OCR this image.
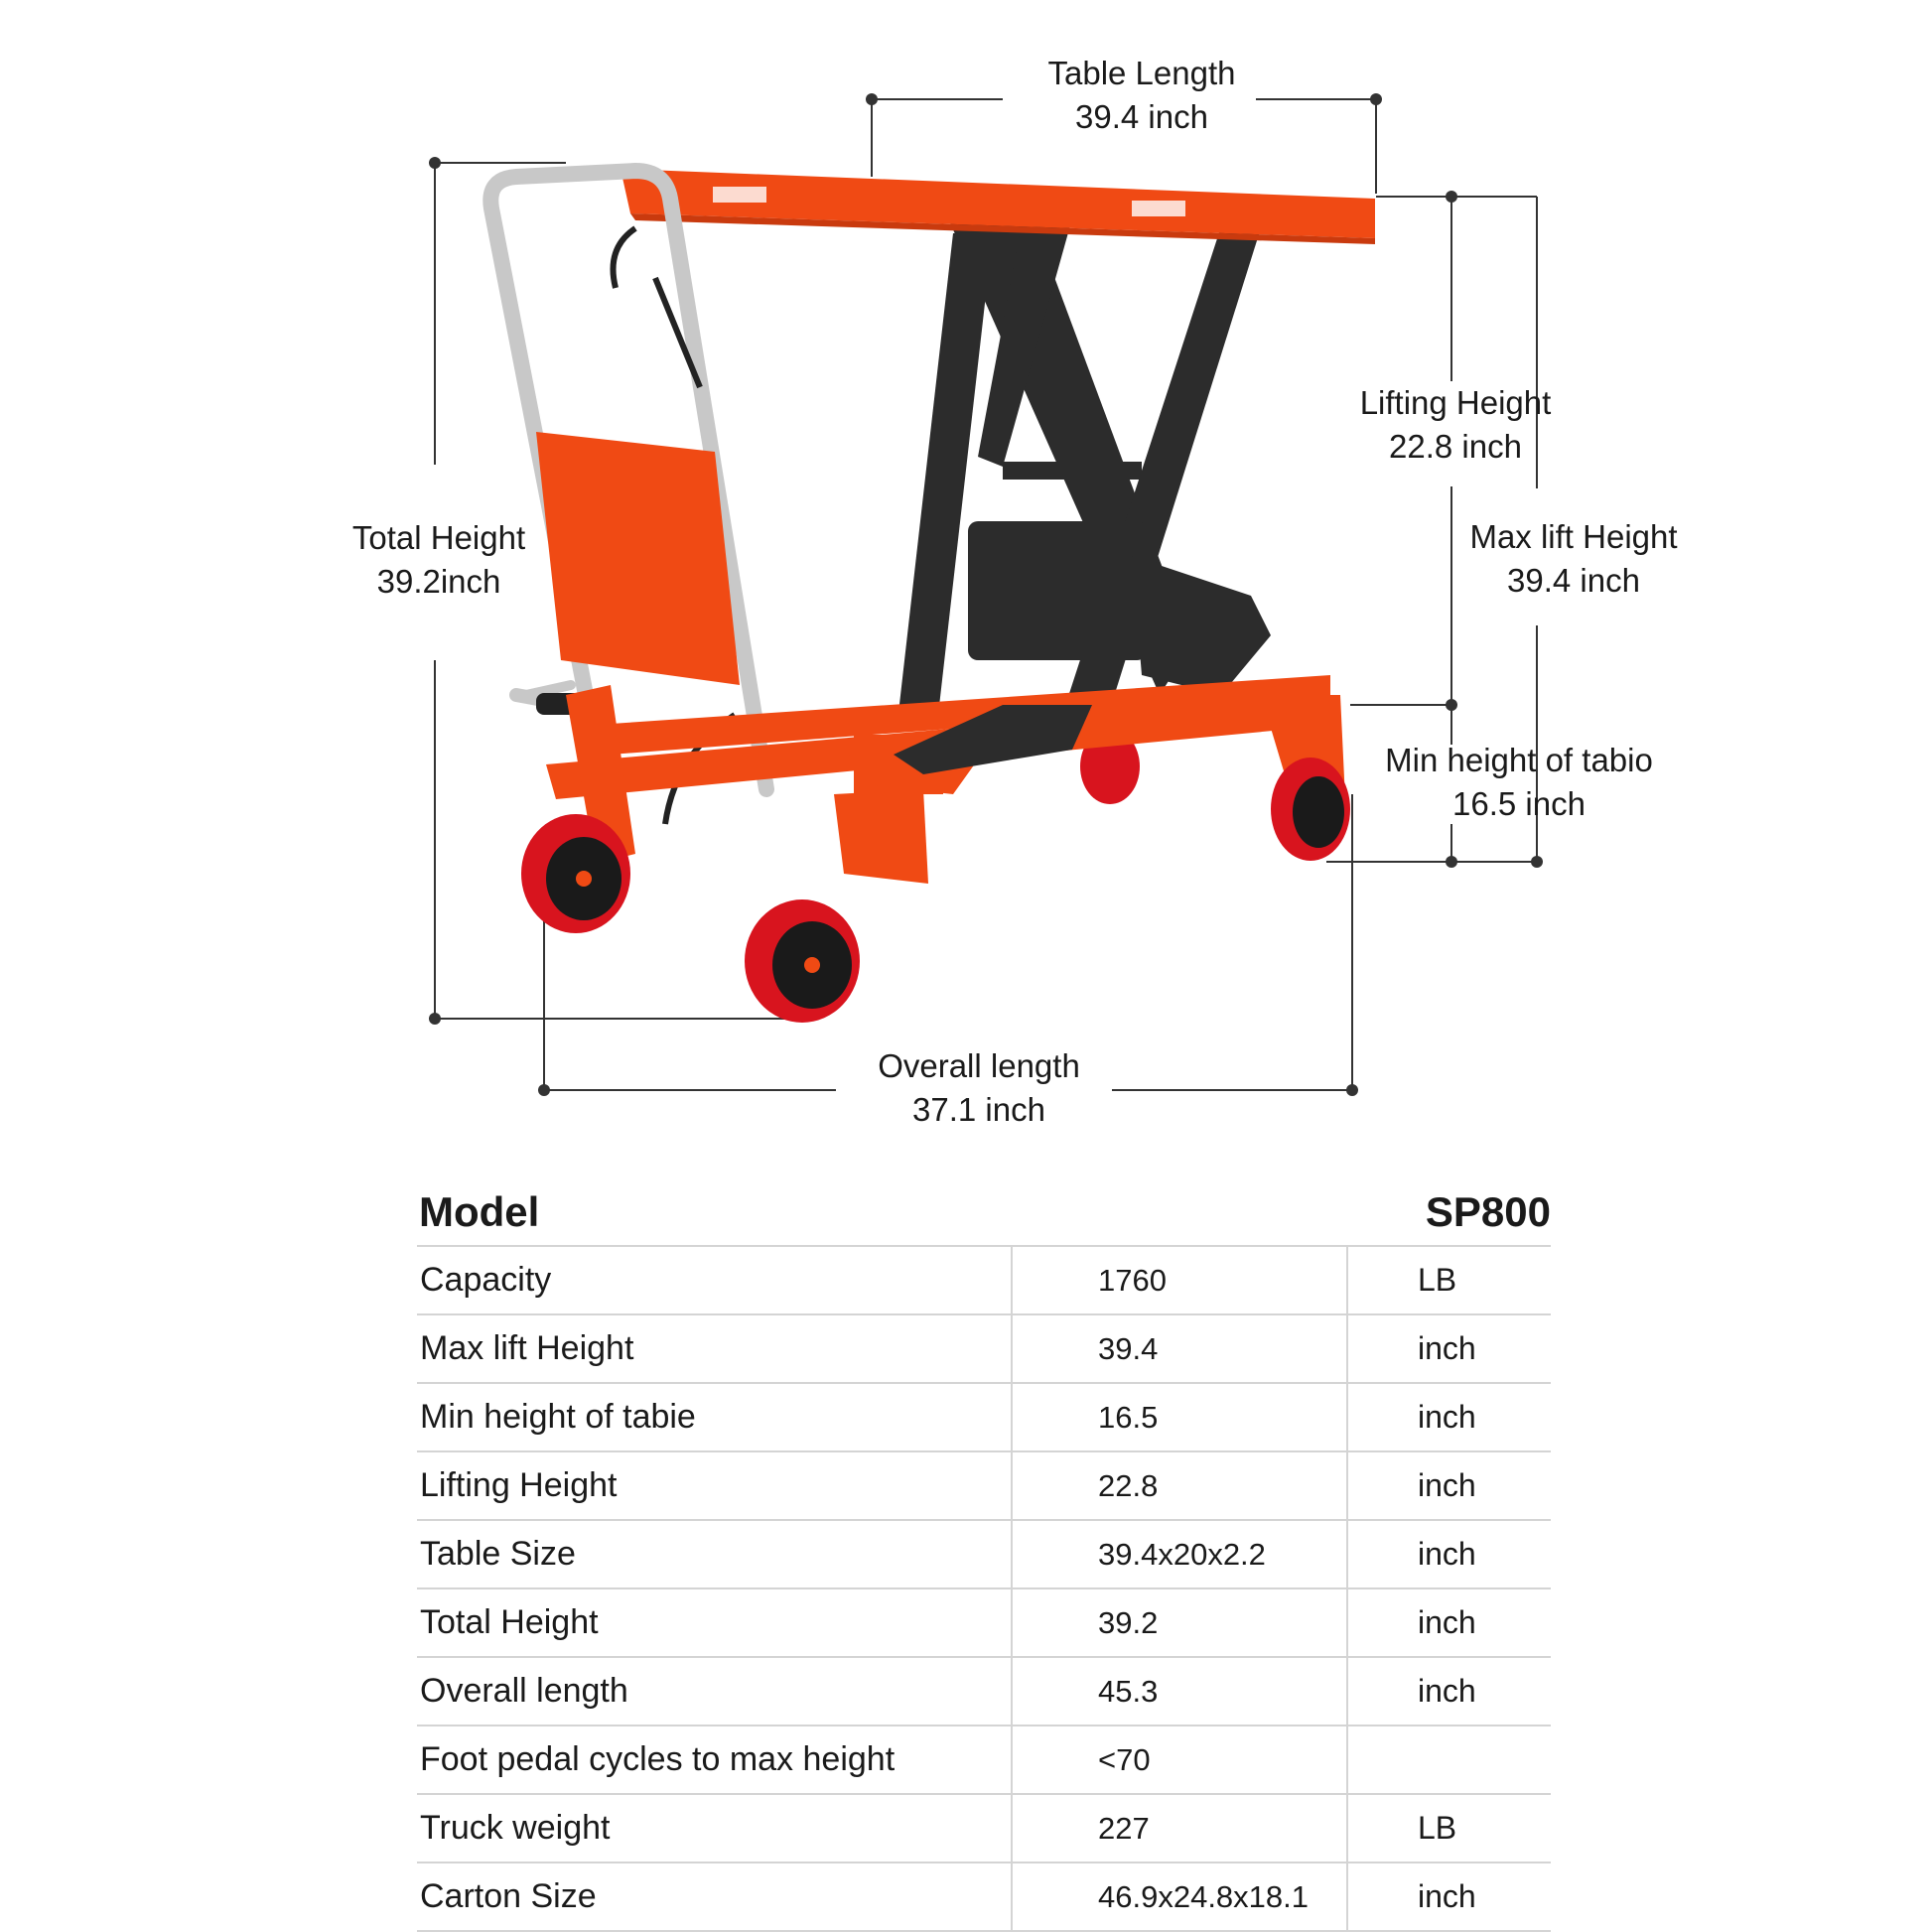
Table Length
39.4 inch
Total Height
39.2inch
Lifting Height
22.8 inch
Max lift Height
39.4 inch
Min height of tabio
16.5 inch
Overall length
37.1 inch
Model	SP800
Capacity	1760	LB
Max lift Height	39.4	inch
Min height of tabie	16.5	inch
Lifting Height	22.8	inch
Table Size	39.4x20x2.2	inch
Total Height	39.2	inch
Overall length	45.3	inch
Foot pedal cycles to max height	<70
Truck weight	227	LB
Carton Size	46.9x24.8x18.1	inch
